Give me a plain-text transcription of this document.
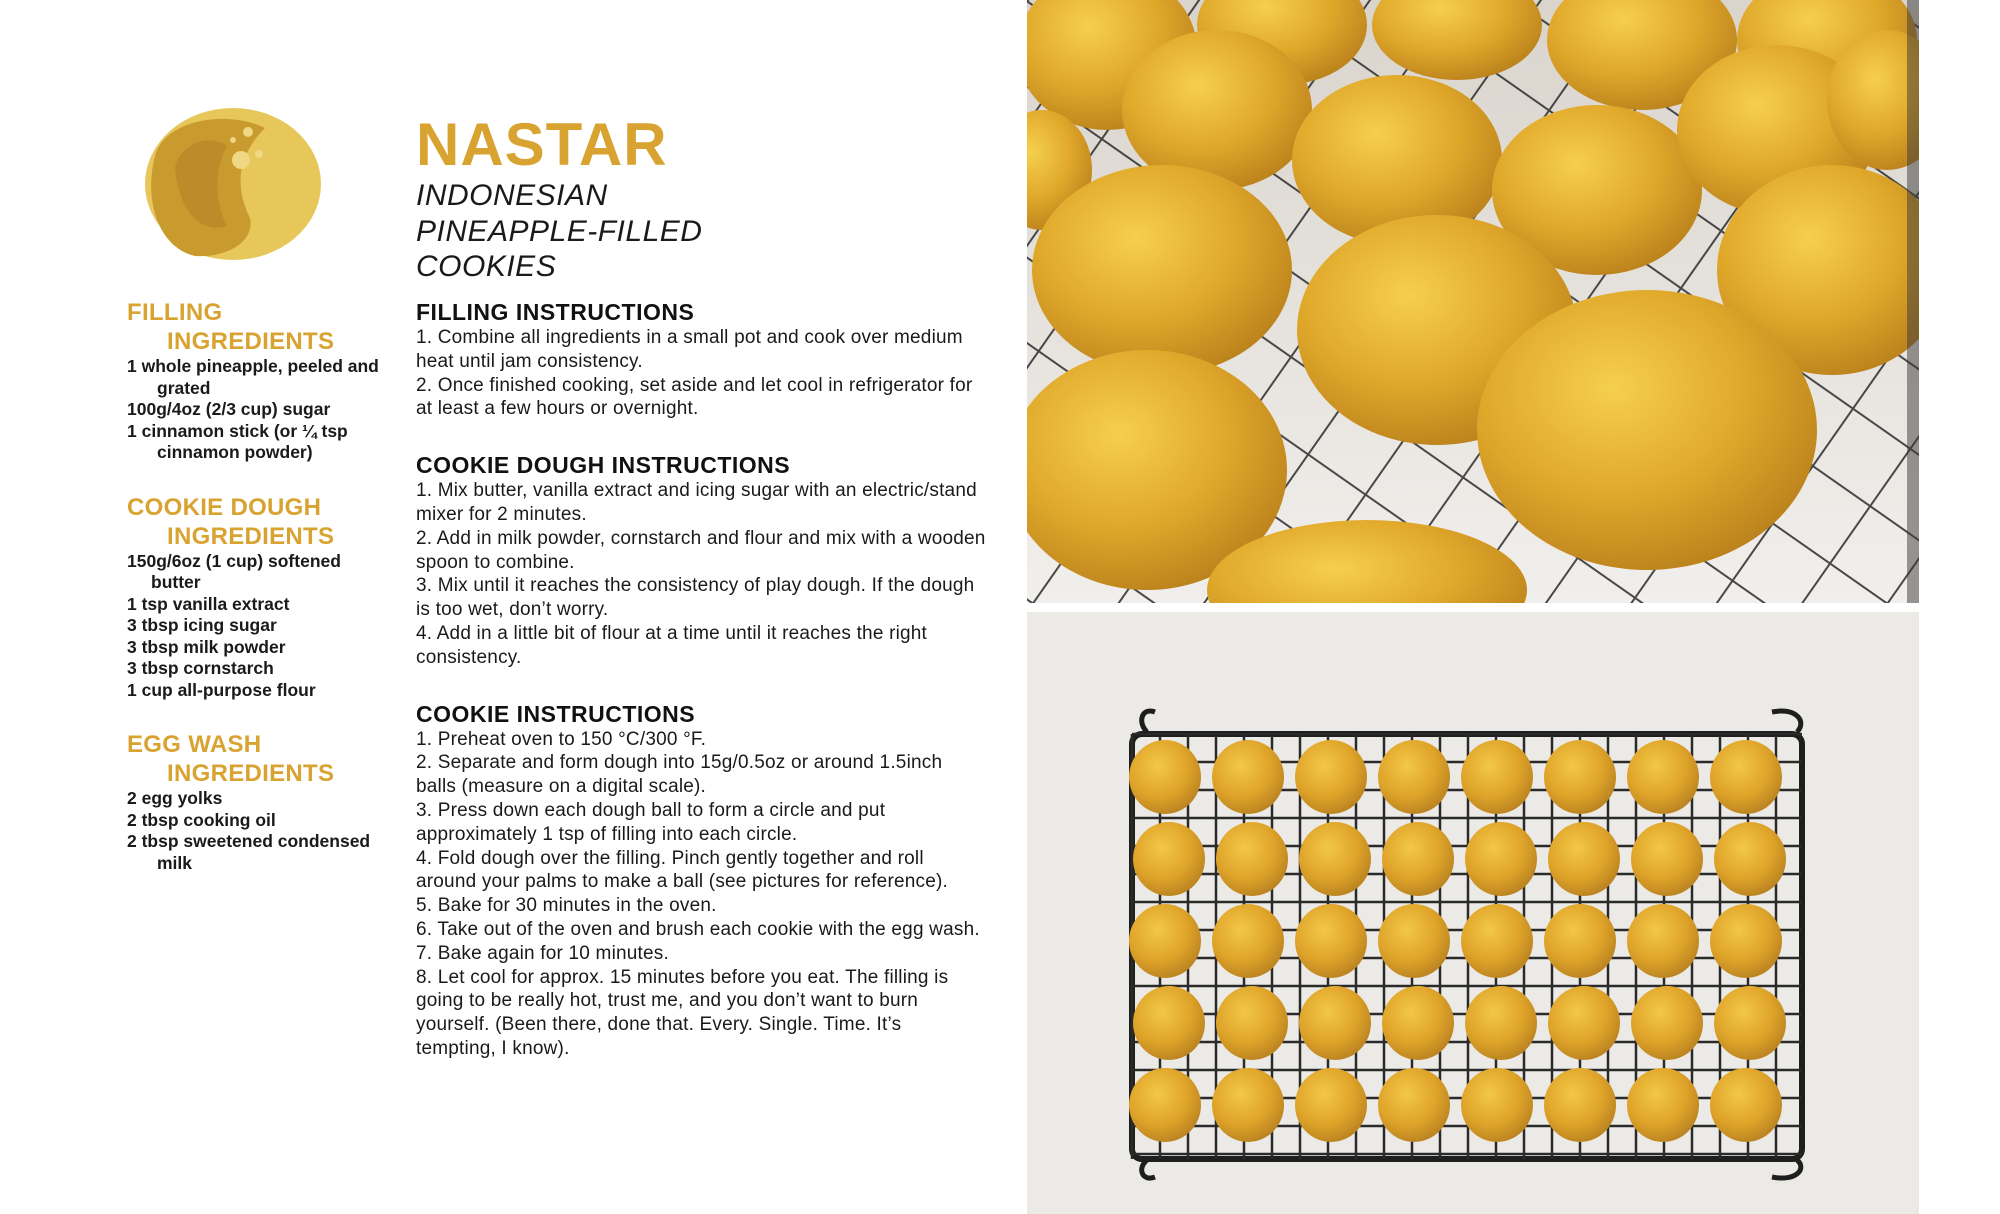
NASTAR
INDONESIAN
PINEAPPLE-FILLED
COOKIES
FILLING
INGREDIENTS
1 whole pineapple, peeled and grated
100g/4oz (2/3 cup) sugar
1 cinnamon stick (or ¼ tsp cinnamon powder)
COOKIE DOUGH
INGREDIENTS
150g/6oz (1 cup) softened butter
1 tsp vanilla extract
3 tbsp icing sugar
3 tbsp milk powder
3 tbsp cornstarch
1 cup all-purpose flour
EGG WASH
INGREDIENTS
2 egg yolks
2 tbsp cooking oil
2 tbsp sweetened condensed milk
FILLING INSTRUCTIONS
1. Combine all ingredients in a small pot and cook over medium heat until jam consistency.
2. Once finished cooking, set aside and let cool in refrigerator for at least a few hours or overnight.
COOKIE DOUGH INSTRUCTIONS
1. Mix butter, vanilla extract and icing sugar with an electric/stand mixer for 2 minutes.
2. Add in milk powder, cornstarch and flour and mix with a wooden spoon to combine.
3. Mix until it reaches the consistency of play dough. If the dough is too wet, don’t worry.
4. Add in a little bit of flour at a time until it reaches the right consistency.
COOKIE INSTRUCTIONS
1. Preheat oven to 150 °C/300 °F.
2. Separate and form dough into 15g/0.5oz or around 1.5inch balls (measure on a digital scale).
3. Press down each dough ball to form a circle and put approximately 1 tsp of filling into each circle.
4. Fold dough over the filling. Pinch gently together and roll around your palms to make a ball (see pictures for reference).
5. Bake for 30 minutes in the oven.
6. Take out of the oven and brush each cookie with the egg wash.
7. Bake again for 10 minutes.
8. Let cool for approx. 15 minutes before you eat. The filling is going to be really hot, trust me, and you don’t want to burn yourself. (Been there, done that. Every. Single. Time. It’s tempting, I know).
